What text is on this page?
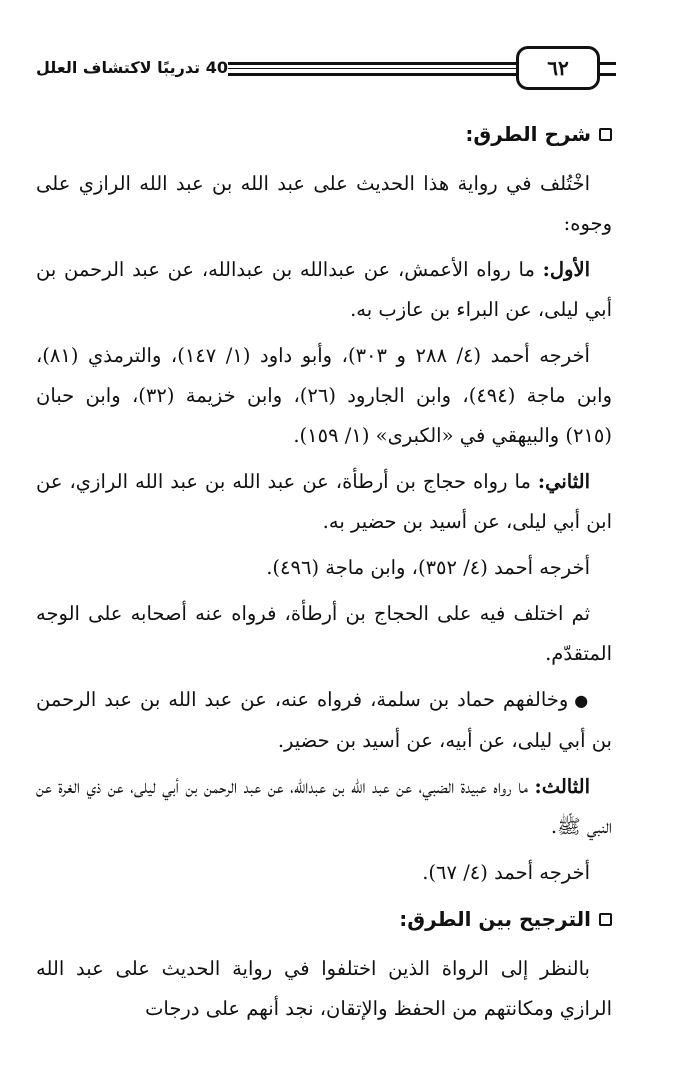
40 تدريبًا لاكتشاف العلل	٦٢
شرح الطرق:

اخْتُلف في رواية هذا الحديث على عبد الله بن عبد الله الرازي على وجوه:

الأول: ما رواه الأعمش، عن عبدالله بن عبدالله، عن عبد الرحمن بن أبي ليلى، عن البراء بن عازب به.

أخرجه أحمد (٤/ ٢٨٨ و ٣٠٣)، وأبو داود (١/ ١٤٧)، والترمذي (٨١)، وابن ماجة (٤٩٤)، وابن الجارود (٢٦)، وابن خزيمة (٣٢)، وابن حبان (٢١٥) والبيهقي في «الكبرى» (١/ ١٥٩).

الثاني: ما رواه حجاج بن أرطأة، عن عبد الله بن عبد الله الرازي، عن ابن أبي ليلى، عن أسيد بن حضير به.

أخرجه أحمد (٤/ ٣٥٢)، وابن ماجة (٤٩٦).

ثم اختلف فيه على الحجاج بن أرطأة، فرواه عنه أصحابه على الوجه المتقدّم.

●وخالفهم حماد بن سلمة، فرواه عنه، عن عبد الله بن عبد الرحمن بن أبي ليلى، عن أبيه، عن أسيد بن حضير.

الثالث: ما رواه عبيدة الضبي، عن عبد الله بن عبدالله، عن عبد الرحمن بن أبي ليلى، عن ذي الغرة عن النبي ﷺ.

أخرجه أحمد (٤/ ٦٧).

الترجيح بين الطرق:

بالنظر إلى الرواة الذين اختلفوا في رواية الحديث على عبد الله الرازي ومكانتهم من الحفظ والإتقان، نجد أنهم على درجات
